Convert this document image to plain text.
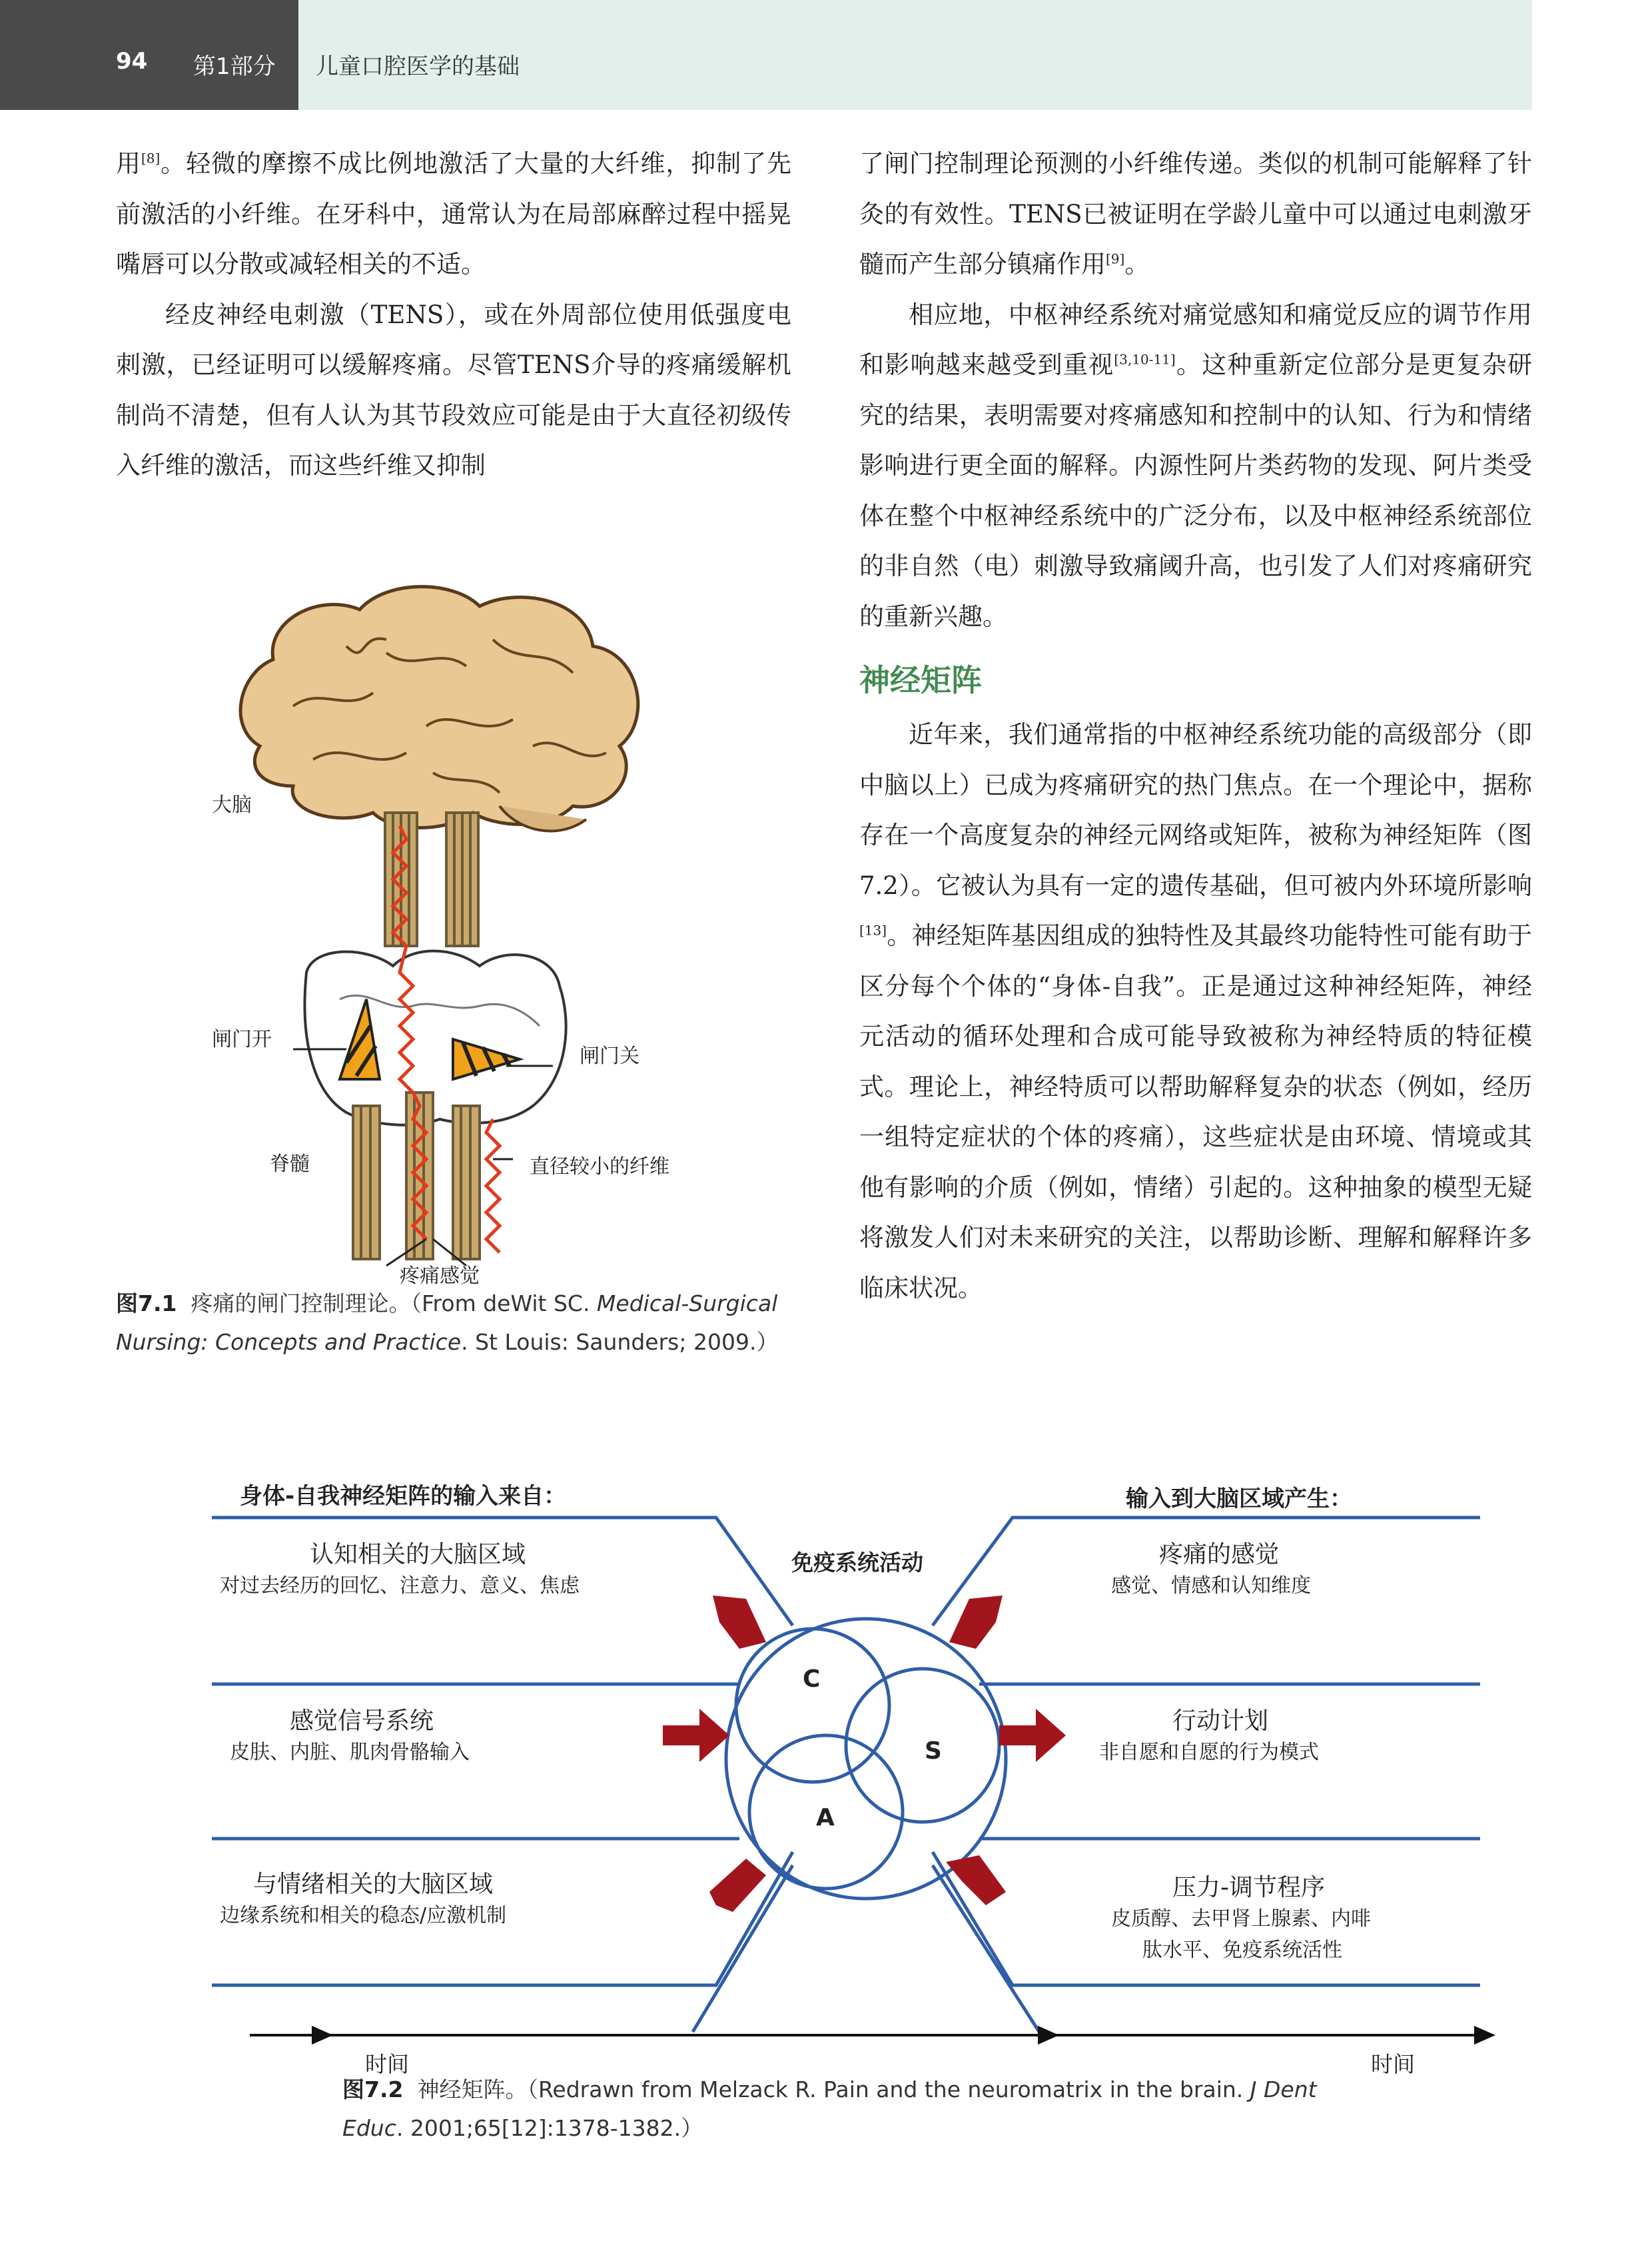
94 第1部分 儿童口腔医学的基础

用[8]。轻微的摩擦不成比例地激活了大量的大纤维，抑制了先前激活的小纤维。在牙科中，通常认为在局部麻醉过程中摇晃嘴唇可以分散或减轻相关的不适。

经皮神经电刺激（TENS），或在外周部位使用低强度电刺激，已经证明可以缓解疼痛。尽管TENS介导的疼痛缓解机制尚不清楚，但有人认为其节段效应可能是由于大直径初级传入纤维的激活，而这些纤维又抑制

了闸门控制理论预测的小纤维传递。类似的机制可能解释了针灸的有效性。TENS已被证明在学龄儿童中可以通过电刺激牙髓而产生部分镇痛作用[9]。

相应地，中枢神经系统对痛觉感知和痛觉反应的调节作用和影响越来越受到重视[3,10-11]。这种重新定位部分是更复杂研究的结果，表明需要对疼痛感知和控制中的认知、行为和情绪影响进行更全面的解释。内源性阿片类药物的发现、阿片类受体在整个中枢神经系统中的广泛分布，以及中枢神经系统部位的非自然（电）刺激导致痛阈升高，也引发了人们对疼痛研究的重新兴趣。

神经矩阵

近年来，我们通常指的中枢神经系统功能的高级部分（即中脑以上）已成为疼痛研究的热门焦点。在一个理论中，据称存在一个高度复杂的神经元网络或矩阵，被称为神经矩阵（图7.2）。它被认为具有一定的遗传基础，但可被内外环境所影响[13]。神经矩阵基因组成的独特性及其最终功能特性可能有助于区分每个个体的“身体-自我”。正是通过这种神经矩阵，神经元活动的循环处理和合成可能导致被称为神经特质的特征模式。理论上，神经特质可以帮助解释复杂的状态（例如，经历一组特定症状的个体的疼痛），这些症状是由环境、情境或其他有影响的介质（例如，情绪）引起的。这种抽象的模型无疑将激发人们对未来研究的关注，以帮助诊断、理解和解释许多临床状况。

大脑
闸门开
闸门关
脊髓	直径较小的纤维
疼痛感觉
图7.1 疼痛的闸门控制理论。（From deWit SC. Medical-Surgical Nursing: Concepts and Practice. St Louis: Saunders; 2009.）
身体-自我神经矩阵的输入来自：	输入到大脑区域产生：
免疫系统活动
C
S
A
认知相关的大脑区域
对过去经历的回忆、注意力、意义、焦虑
感觉信号系统
皮肤、内脏、肌肉骨骼输入
与情绪相关的大脑区域
边缘系统和相关的稳态/应激机制
疼痛的感觉
感觉、情感和认知维度
行动计划
非自愿和自愿的行为模式
压力-调节程序
皮质醇、去甲肾上腺素、内啡
肽水平、免疫系统活性
时间	时间
图7.2 神经矩阵。（Redrawn from Melzack R. Pain and the neuromatrix in the brain. J Dent Educ. 2001;65[12]:1378-1382.）
